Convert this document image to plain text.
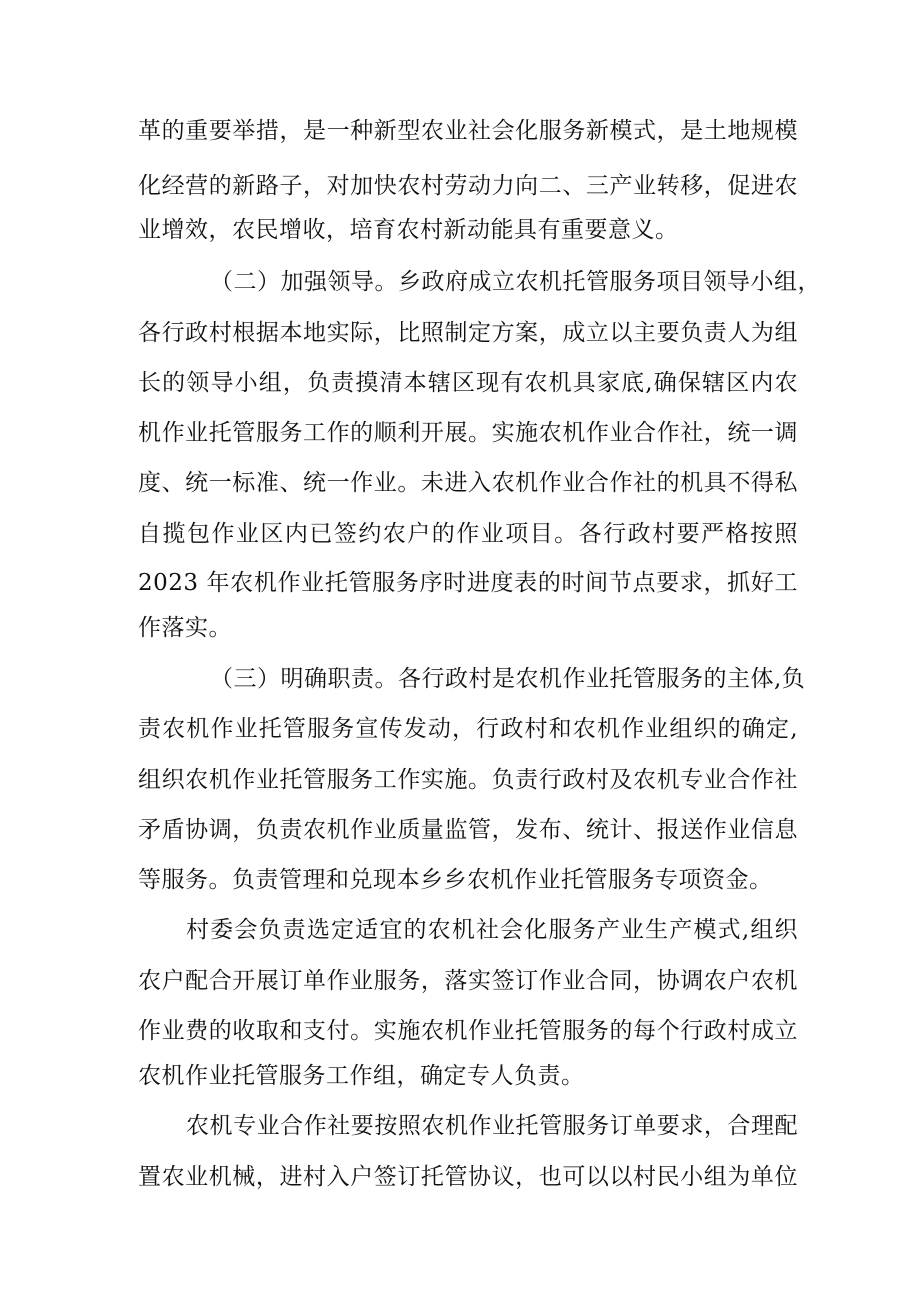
革的重要举措，是一种新型农业社会化服务新模式，是土地规模
化经营的新路子，对加快农村劳动力向二、三产业转移，促进农
业增效，农民增收，培育农村新动能具有重要意义。
（二）加强领导。乡政府成立农机托管服务项目领导小组，
各行政村根据本地实际，比照制定方案，成立以主要负责人为组
长的领导小组，负责摸清本辖区现有农机具家底,确保辖区内农
机作业托管服务工作的顺利开展。实施农机作业合作社，统一调
度、统一标准、统一作业。未进入农机作业合作社的机具不得私
自揽包作业区内已签约农户的作业项目。各行政村要严格按照
2023 年农机作业托管服务序时进度表的时间节点要求，抓好工
作落实。
（三）明确职责。各行政村是农机作业托管服务的主体,负
责农机作业托管服务宣传发动，行政村和农机作业组织的确定,
组织农机作业托管服务工作实施。负责行政村及农机专业合作社
矛盾协调，负责农机作业质量监管，发布、统计、报送作业信息
等服务。负责管理和兑现本乡乡农机作业托管服务专项资金。
村委会负责选定适宜的农机社会化服务产业生产模式,组织
农户配合开展订单作业服务，落实签订作业合同，协调农户农机
作业费的收取和支付。实施农机作业托管服务的每个行政村成立
农机作业托管服务工作组，确定专人负责。
农机专业合作社要按照农机作业托管服务订单要求，合理配
置农业机械，进村入户签订托管协议，也可以以村民小组为单位
